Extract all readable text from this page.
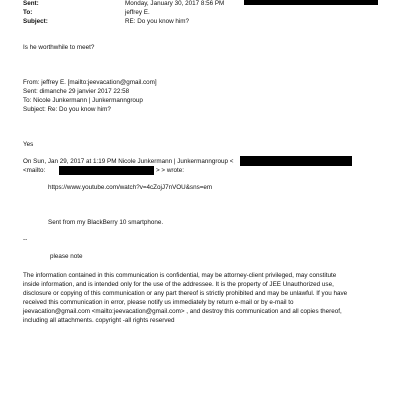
Sent:	Monday, January 30, 2017 8:56 PM
To:	jeffrey E.
Subject:	RE: Do you know him?
Is he worthwhile to meet?
From: jeffrey E. [mailto:jeevacation@gmail.com]
Sent: dimanche 29 janvier 2017 22:58
To: Nicole Junkermann | Junkermanngroup
Subject: Re: Do you know him?
Yes
On Sun, Jan 29, 2017 at 1:19 PM Nicole Junkermann | Junkermanngroup <
<mailto:	> > wrote:
https://www.youtube.com/watch?v=4cZojJ7nVOU&sns=em
Sent from my BlackBerry 10 smartphone.
--
please note
The information contained in this communication is confidential, may be attorney-client privileged, may constitute
inside information, and is intended only for the use of the addressee. It is the property of JEE Unauthorized use,
disclosure or copying of this communication or any part thereof is strictly prohibited and may be unlawful. If you have
received this communication in error, please notify us immediately by return e-mail or by e-mail to
jeevacation@gmail.com <mailto:jeevacation@gmail.com> , and destroy this communication and all copies thereof,
including all attachments. copyright -all rights reserved
